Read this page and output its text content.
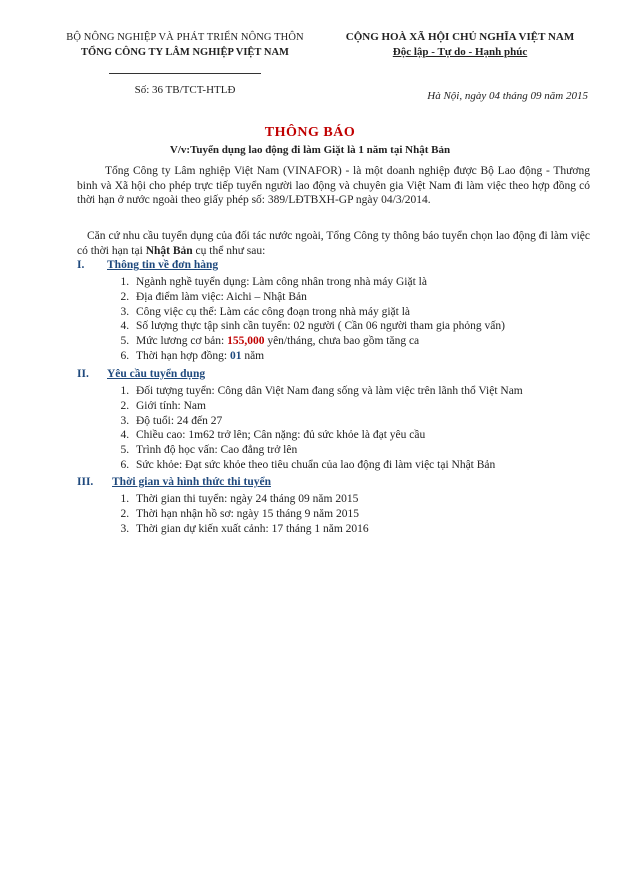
BỘ NÔNG NGHIỆP VÀ PHÁT TRIỂN NÔNG THÔN
TỔNG CÔNG TY LÂM NGHIỆP VIỆT NAM
Số: 36 TB/TCT-HTLĐ
CỘNG HOÀ XÃ HỘI CHỦ NGHĨA VIỆT NAM
Độc lập - Tự do - Hạnh phúc
Hà Nội, ngày 04 tháng 09 năm 2015
THÔNG BÁO
V/v:Tuyển dụng lao động đi làm Giặt là 1 năm tại Nhật Bản
Tổng Công ty Lâm nghiệp Việt Nam (VINAFOR) - là một doanh nghiệp được Bộ Lao động - Thương binh và Xã hội cho phép trực tiếp tuyển người lao động và chuyên gia Việt Nam đi làm việc theo hợp đồng có thời hạn ở nước ngoài theo giấy phép số: 389/LĐTBXH-GP ngày 04/3/2014.
Căn cứ nhu cầu tuyển dụng của đối tác nước ngoài, Tổng Công ty thông báo tuyển chọn lao động đi làm việc có thời hạn tại Nhật Bản cụ thể như sau:
I. Thông tin về đơn hàng
1. Ngành nghề tuyển dụng: Làm công nhân trong nhà máy Giặt là
2. Địa điểm làm việc: Aichi – Nhật Bản
3. Công việc cụ thể: Làm các công đoạn trong nhà máy giặt là
4. Số lượng thực tập sinh cần tuyển: 02 người ( Cần 06 người tham gia phỏng vấn)
5. Mức lương cơ bản: 155,000 yên/tháng, chưa bao gồm tăng ca
6. Thời hạn hợp đồng: 01 năm
II. Yêu cầu tuyển dụng
1. Đối tượng tuyển: Công dân Việt Nam đang sống và làm việc trên lãnh thổ Việt Nam
2. Giới tính: Nam
3. Độ tuổi: 24 đến 27
4. Chiều cao: 1m62 trở lên; Cân nặng: đủ sức khỏe là đạt yêu cầu
5. Trình độ học vấn: Cao đẳng trở lên
6. Sức khỏe: Đạt sức khỏe theo tiêu chuẩn của lao động đi làm việc tại Nhật Bản
III. Thời gian và hình thức thi tuyển
1. Thời gian thi tuyển: ngày 24 tháng 09 năm 2015
2. Thời hạn nhận hồ sơ: ngày 15 tháng 9 năm 2015
3. Thời gian dự kiến xuất cảnh: 17 tháng 1 năm 2016
